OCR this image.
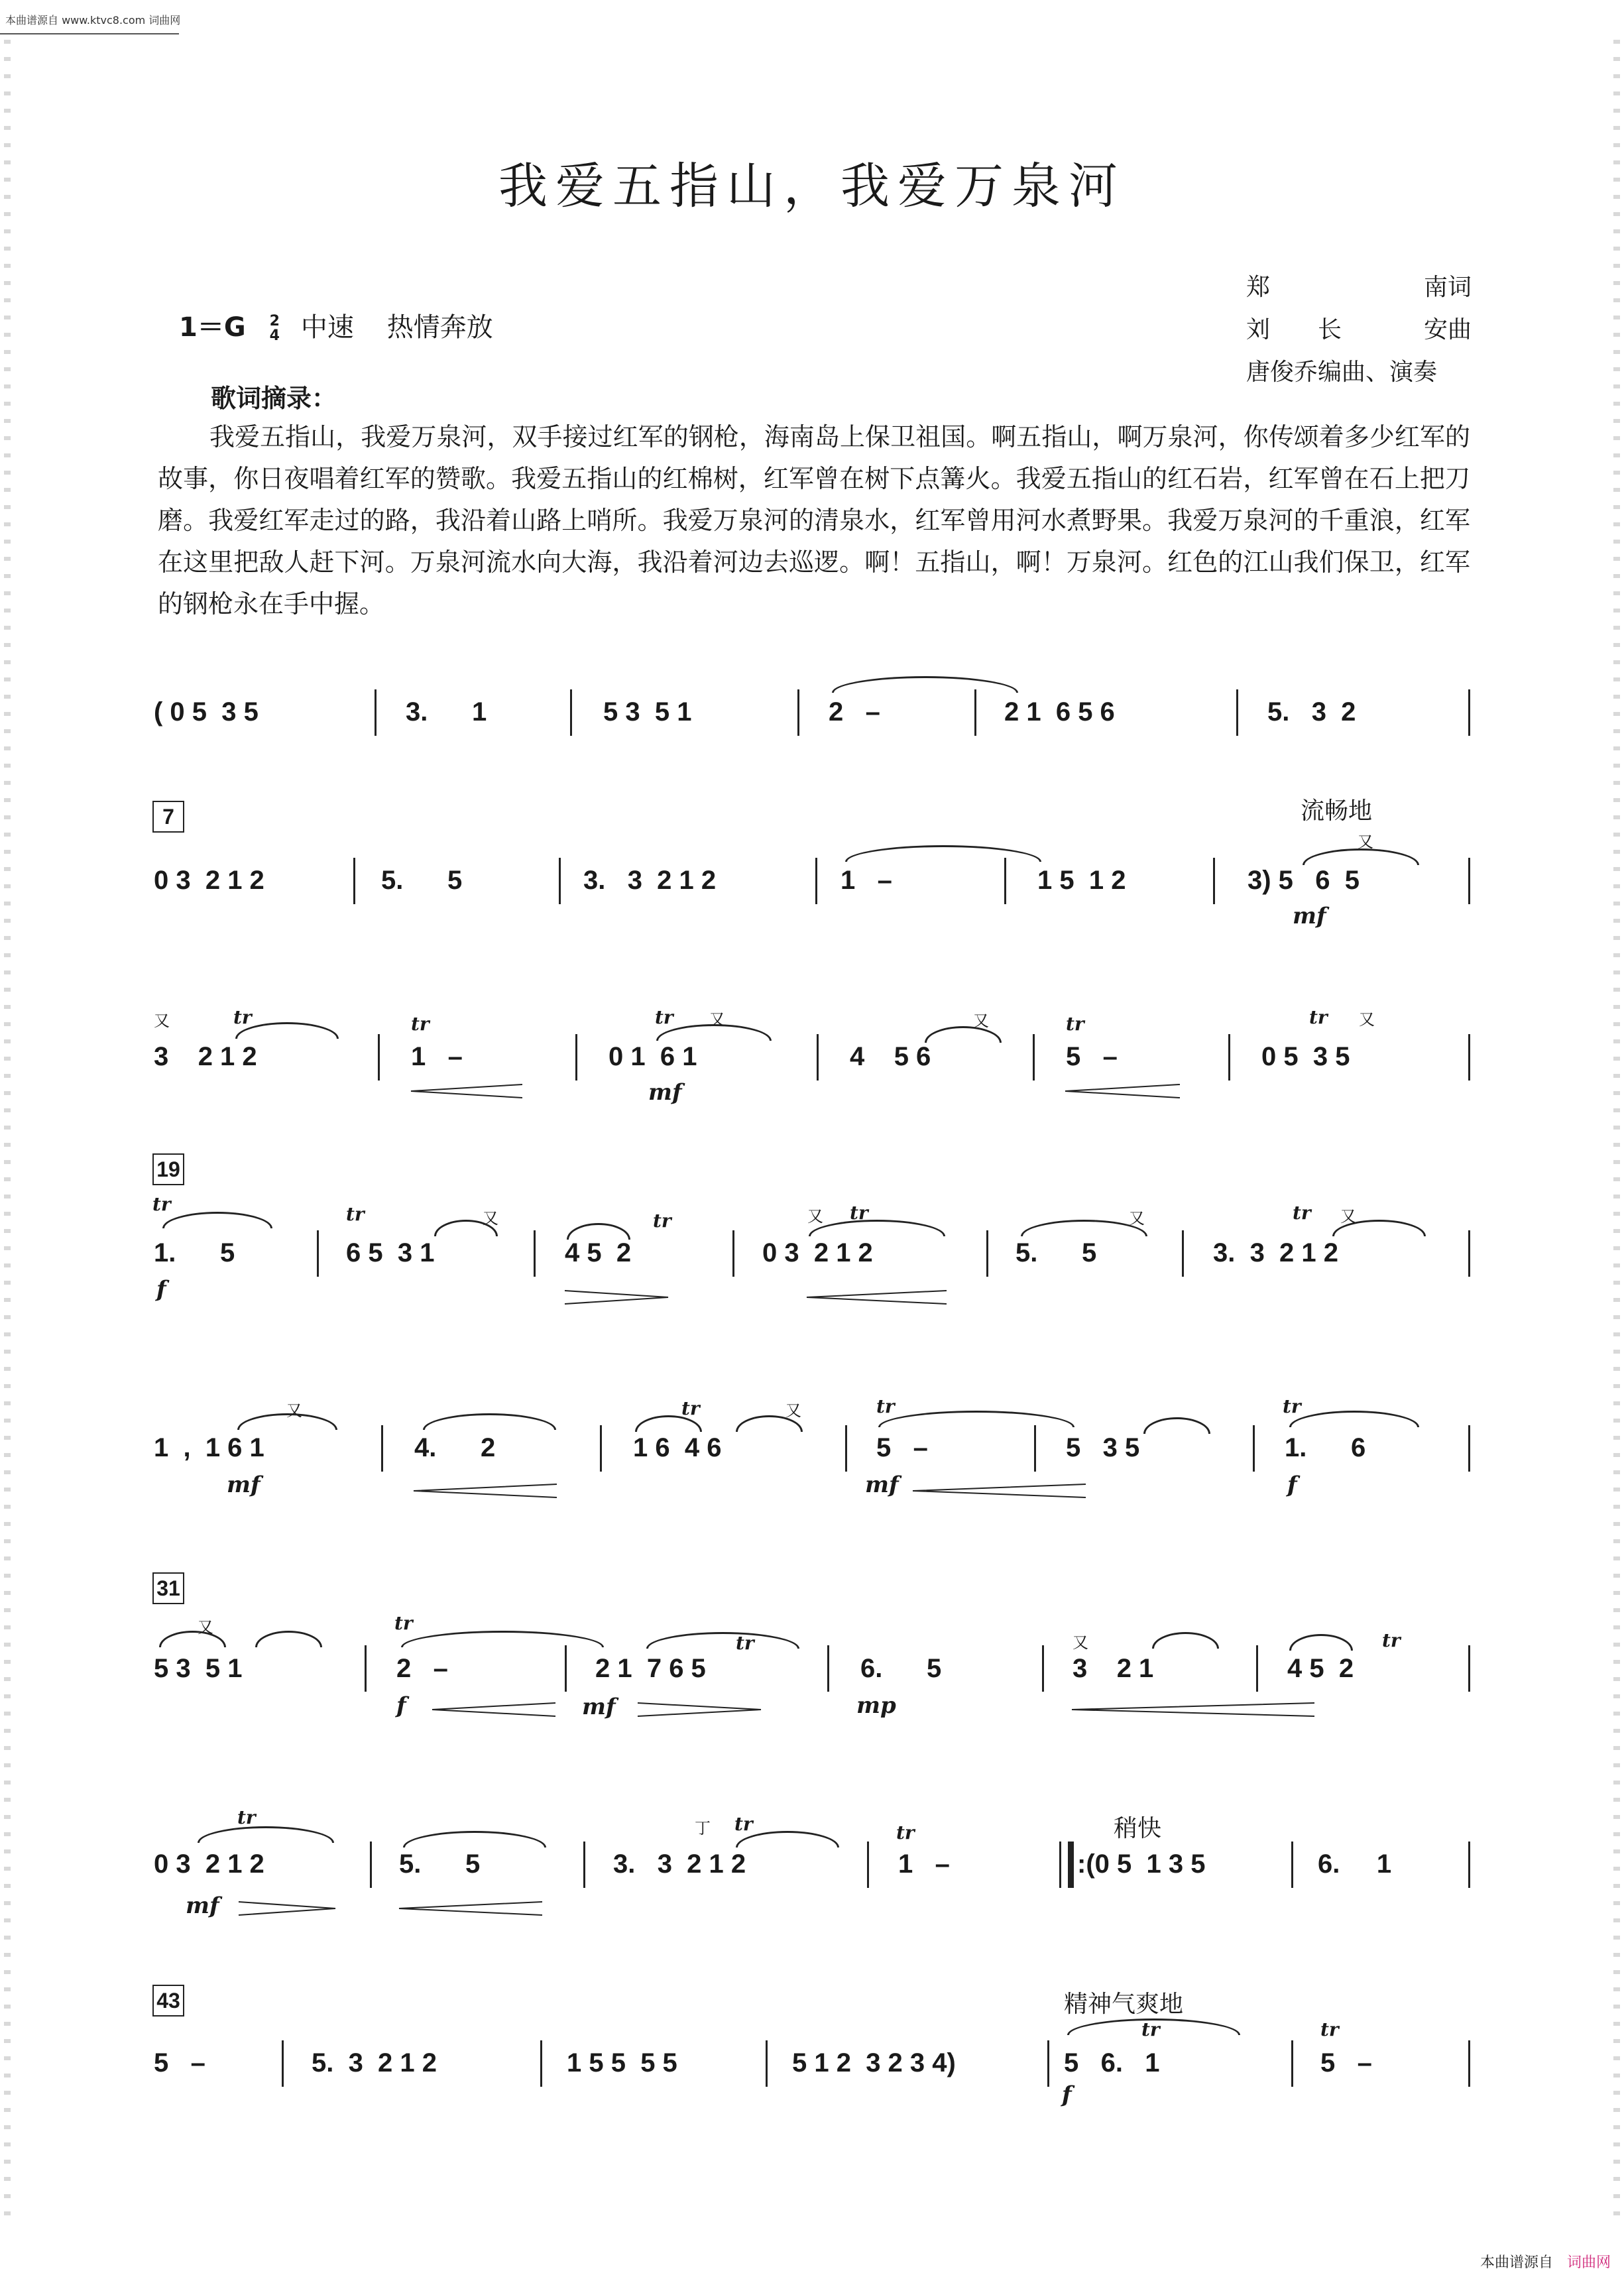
本曲谱源自 www.ktvc8.com 词曲网
我爱五指山，我爱万泉河
1＝G 2
4 中速 热情奔放
郑	南词
刘　　长	安曲
唐俊乔编曲、演奏
歌词摘录：
我爱五指山，我爱万泉河，双手接过红军的钢枪，海南岛上保卫祖国。啊五指山，啊万泉河，你传颂着多少红军的故事，你日夜唱着红军的赞歌。我爱五指山的红棉树，红军曾在树下点篝火。我爱五指山的红石岩，红军曾在石上把刀磨。我爱红军走过的路，我沿着山路上哨所。我爱万泉河的清泉水，红军曾用河水煮野果。我爱万泉河的千重浪，红军在这里把敌人赶下河。万泉河流水向大海，我沿着河边去巡逻。啊！五指山，啊！万泉河。红色的江山我们保卫，红军的钢枪永在手中握。
( 0 5  3 5	3.      1	5 3  5 1	2   –	2 1  6 5 6	5.   3  2
7	流畅地
0 3  2 1 2	5.      5	3.   3  2 1 2	1   –	1 5  1 2
又
3) 5   6  5
mf
又	tr
3    2 1 2
tr
1   –
tr 又
0 1  6 1
mf
又
4    5 6
tr
5   –
tr 又
0 5  3 5
19
tr
1.      5
f
tr	又
6 5  3 1
tr
4 5  2
又 tr
0 3  2 1 2
又
5.      5
tr 又
3.  3  2 1 2
又
1  ,  1 6 1
mf
4.      2
tr	又
1 6  4 6
tr
5   –
mf
5   3 5
tr
1.      6
f
31
又
5 3  5 1
tr
2   –
f
tr
2 1  7 6 5
mf
6.      5
mp
又
3    2 1
tr
4 5  2
稍快
tr
0 3  2 1 2
mf
5.      5
丁 tr
3.   3  2 1 2
tr
1   –	:(0 5  1 3 5	6.     1
43	精神气爽地
5   –	5.  3  2 1 2	1 5 5  5 5	5 1 2  3 2 3 4)
tr
5   6.   1
f
tr
5   –
本曲谱源自 词曲网
